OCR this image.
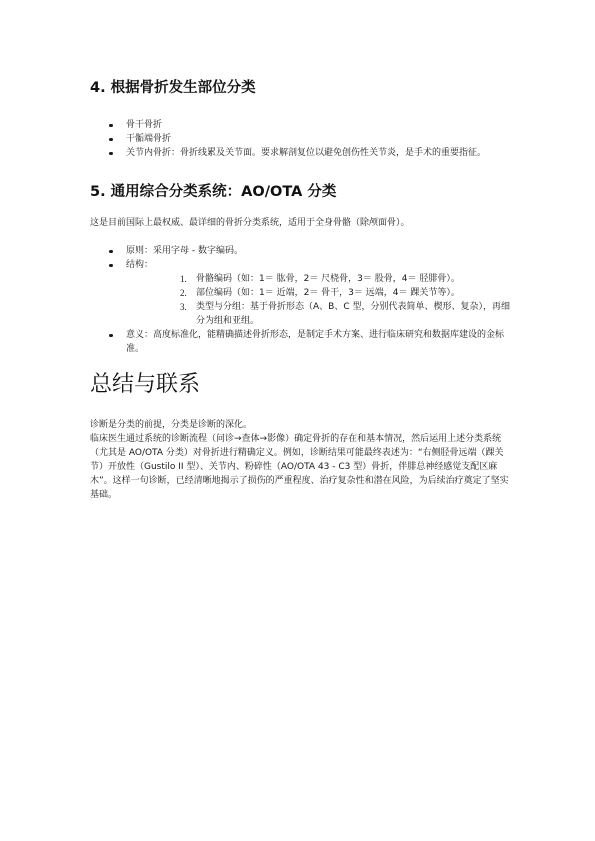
4. 根据骨折发生部位分类
骨干骨折
干骺端骨折
关节内骨折：骨折线累及关节面。要求解剖复位以避免创伤性关节炎，是手术的重要指征。
5. 通用综合分类系统：AO/OTA 分类

这是目前国际上最权威、最详细的骨折分类系统，适用于全身骨骼（除颅面骨）。

原则：采用字母 - 数字编码。
结构：
1. 骨骼编码（如：1＝ 肱骨，2＝ 尺桡骨，3＝ 股骨，4＝ 胫腓骨）。
2. 部位编码（如：1＝ 近端，2＝ 骨干，3＝ 远端，4＝ 踝关节等）。
3. 类型与分组：基于骨折形态（A、B、C 型，分别代表简单、楔形、复杂），再细分为组和亚组。
意义：高度标准化，能精确描述骨折形态，是制定手术方案、进行临床研究和数据库建设的金标准。
总结与联系

诊断是分类的前提，分类是诊断的深化。

临床医生通过系统的诊断流程（问诊→查体→影像）确定骨折的存在和基本情况，然后运用上述分类系统（尤其是 AO/OTA 分类）对骨折进行精确定义。例如，诊断结果可能最终表述为：“右侧胫骨远端（踝关节）开放性（Gustilo II 型）、关节内、粉碎性（AO/OTA 43 - C3 型）骨折，伴腓总神经感觉支配区麻木”。这样一句诊断，已经清晰地揭示了损伤的严重程度、治疗复杂性和潜在风险，为后续治疗奠定了坚实基础。
